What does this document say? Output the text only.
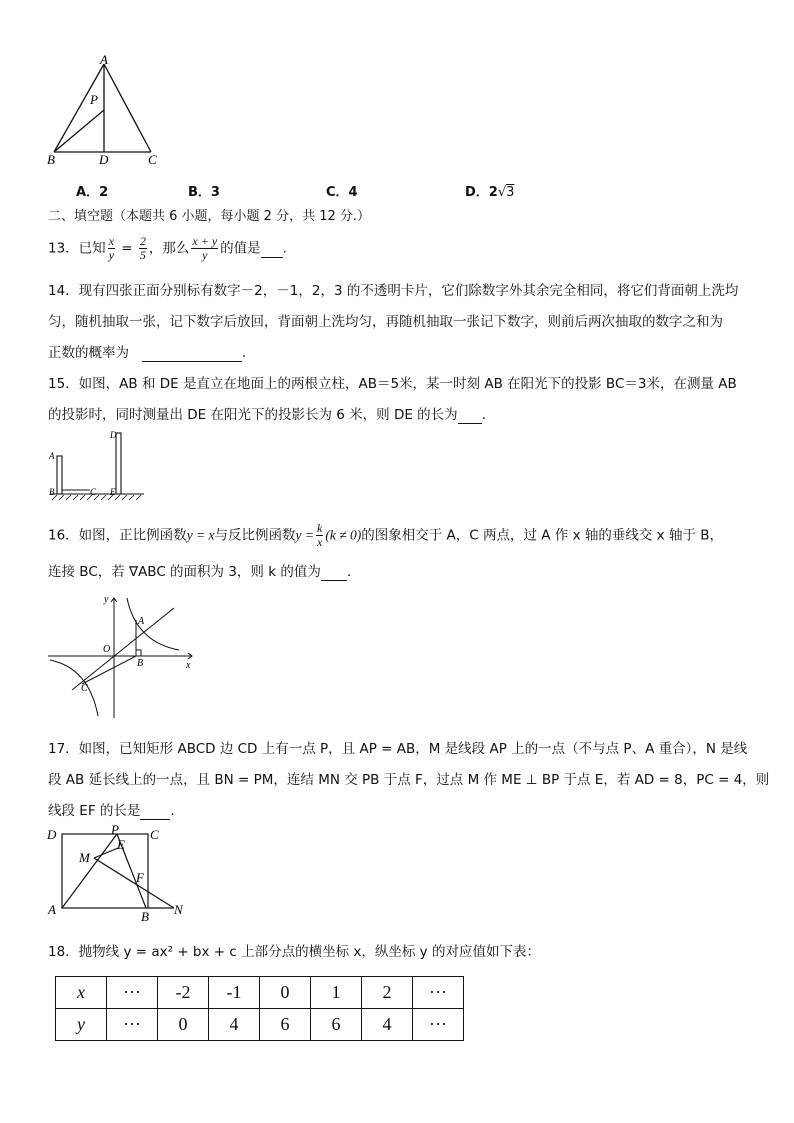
A
P
B	D	C
A．2	B．3	C．4	D．2√3
二、填空题（本题共 6 小题，每小题 2 分，共 12 分.）
13．已知 $\frac{x}{y} = \frac{2}{5}$ ，那么 $\frac{x + y}{y}$ 的值是 .
14．现有四张正面分别标有数字－2，－1，2，3 的不透明卡片，它们除数字外其余完全相同，将它们背面朝上洗均
匀，随机抽取一张，记下数字后放回，背面朝上洗均匀，再随机抽取一张记下数字，则前后两次抽取的数字之和为
正数的概率为	.
15．如图，AB 和 DE 是直立在地面上的两根立柱，AB＝5米，某一时刻 AB 在阳光下的投影 BC＝3米，在测量 AB
的投影时，同时测量出 DE 在阳光下的投影长为 6 米，则 DE 的长为 .
D
A
B	C E
16．如图，正比例函数y = x与反比例函数$y = \frac{k}{x} (k \ne 0)$的图象相交于 A，C 两点，过 A 作 x 轴的垂线交 x 轴于 B，
连接 BC，若 ∇ABC 的面积为 3，则 k 的值为 .
y
A
O
B	x
C
17．如图，已知矩形 ABCD 边 CD 上有一点 P，且 AP = AB，M 是线段 AP 上的一点（不与点 P、A 重合），N 是线
段 AB 延长线上的一点，且 BN = PM，连结 MN 交 PB 于点 F，过点 M 作 ME ⊥ BP 于点 E，若 AD = 8，PC = 4，则
线段 EF 的长是 .
D	P C
E
M
F
A	B N
18．抛物线 y = ax² + bx + c 上部分点的横坐标 x，纵坐标 y 的对应值如下表：
x	···	-2	-1	0	1	2	···
y	···	0	4	6	6	4	···
